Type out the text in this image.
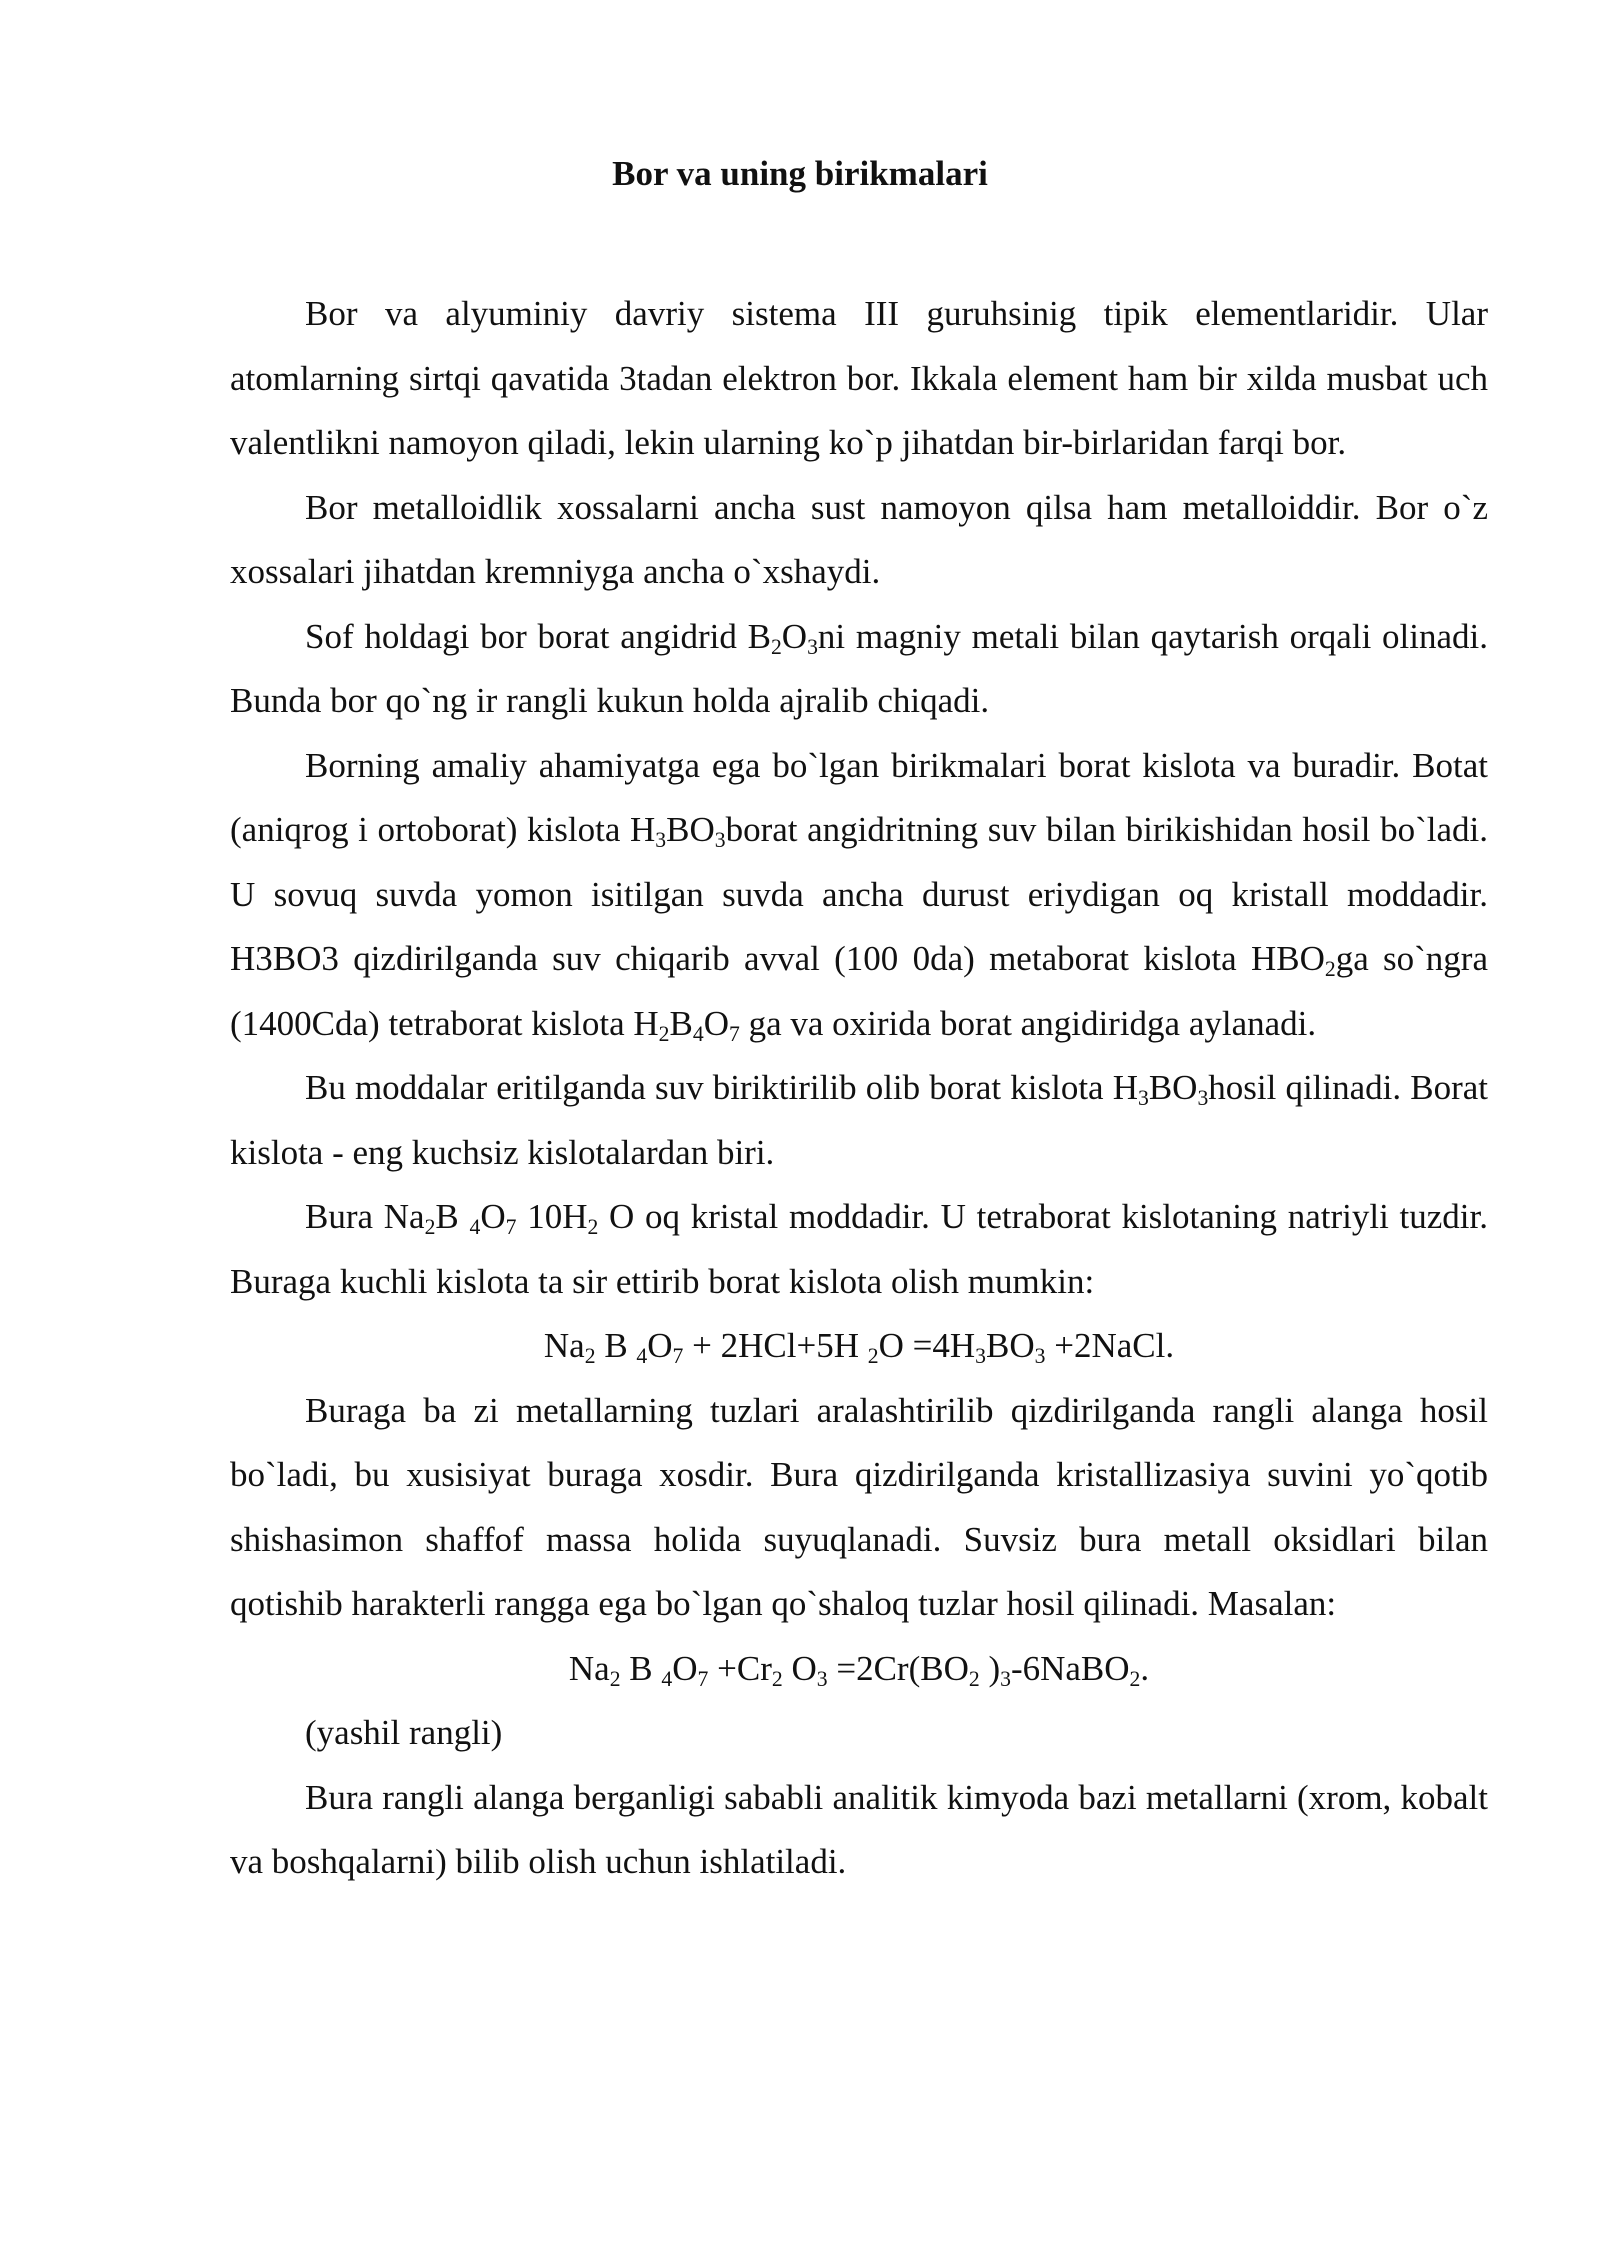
Bor va uning birikmalari

Bor va alyuminiy davriy sistema III guruhsinig tipik elementlaridir. Ular atomlarning sirtqi qavatida 3tadan elektron bor. Ikkala element ham bir xilda musbat uch valentlikni namoyon qiladi, lekin ularning ko`p jihatdan bir-birlaridan farqi bor.

Bor metalloidlik xossalarni ancha sust namoyon qilsa ham metalloiddir. Bor o`z xossalari jihatdan kremniyga ancha o`xshaydi.

Sof holdagi bor borat angidrid $B_2O_3ni$ magniy metali bilan qaytarish orqali olinadi. Bunda bor qo`ng ir rangli kukun holda ajralib chiqadi.

Borning amaliy ahamiyatga ega bo`lgan birikmalari borat kislota va buradir. Botat (aniqrog i ortoborat) kislota $H_3BO_3borat$ angidritning suv bilan birikishidan hosil bo`ladi. U sovuq suvda yomon isitilgan suvda ancha durust eriydigan oq kristall moddadir. H3BO3 qizdirilganda suv chiqarib avval (100 0da) metaborat kislota $HBO_2ga$ so`ngra (1400Cda) tetraborat kislota $H_2B_4O_7$ ga va oxirida borat angidiridga aylanadi.

Bu moddalar eritilganda suv biriktirilib olib borat kislota $H_3BO_3hosil$ qilinadi. Borat kislota - eng kuchsiz kislotalardan biri.

Bura $Na_2B$ $_4O_7$ $10H_2$ O oq kristal moddadir. U tetraborat kislotaning natriyli tuzdir. Buraga kuchli kislota ta sir ettirib borat kislota olish mumkin:

$Na_2$ B $_4O_7 + 2HCl+5H$ $_2O =4H_3BO_3$ +2NaCl.

Buraga ba zi metallarning tuzlari aralashtirilib qizdirilganda rangli alanga hosil bo`ladi, bu xusisiyat buraga xosdir. Bura qizdirilganda kristallizasiya suvini yo`qotib shishasimon shaffof massa holida suyuqlanadi. Suvsiz bura metall oksidlari bilan qotishib harakterli rangga ega bo`lgan qo`shaloq tuzlar hosil qilinadi. Masalan:

$Na_2$ B $_4O_7 +Cr_2$ $O_3 =2Cr(BO_2$ )$_3-6NaBO_2$.

(yashil rangli)

Bura rangli alanga berganligi sababli analitik kimyoda bazi metallarni (xrom, kobalt va boshqalarni) bilib olish uchun ishlatiladi.
